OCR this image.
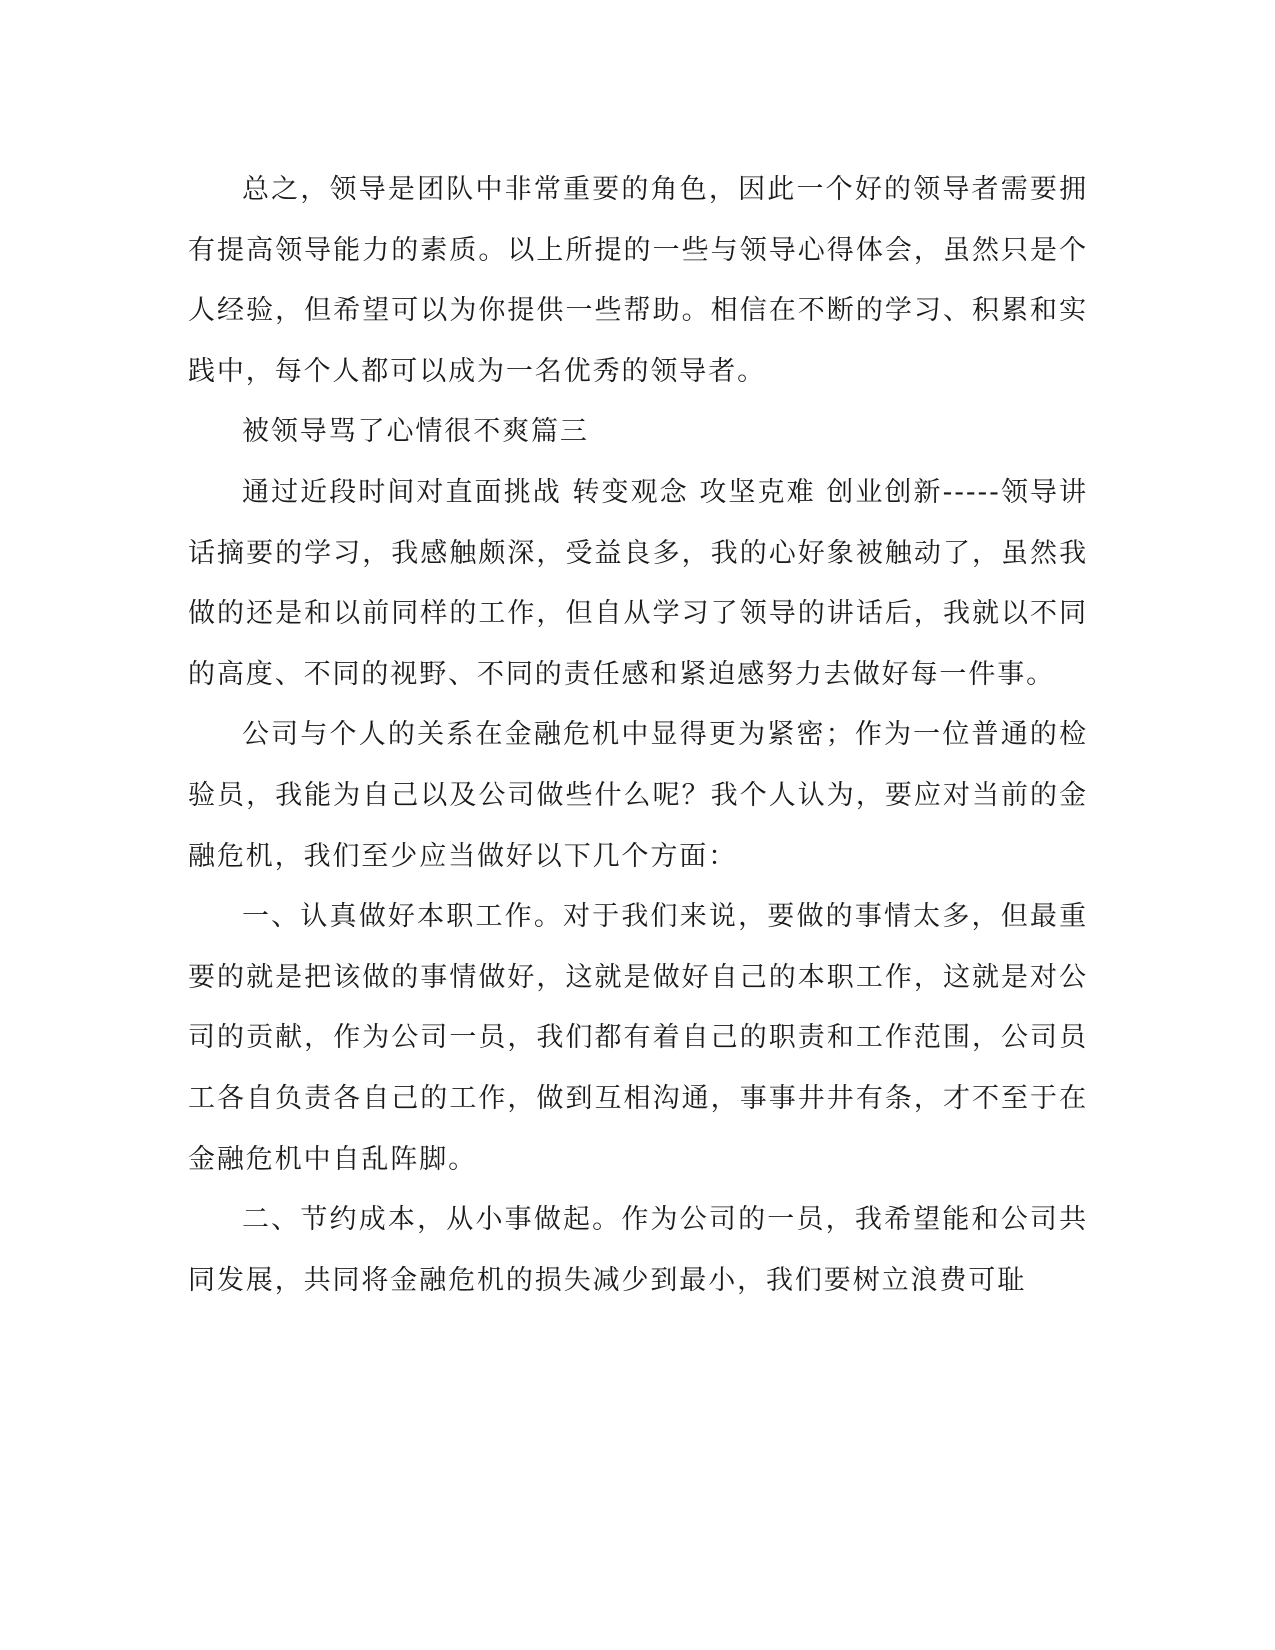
总之，领导是团队中非常重要的角色，因此一个好的领导者需要拥有提高领导能力的素质。以上所提的一些与领导心得体会，虽然只是个人经验，但希望可以为你提供一些帮助。相信在不断的学习、积累和实践中，每个人都可以成为一名优秀的领导者。

被领导骂了心情很不爽篇三

通过近段时间对直面挑战 转变观念 攻坚克难 创业创新-----领导讲话摘要的学习，我感触颇深，受益良多，我的心好象被触动了，虽然我做的还是和以前同样的工作，但自从学习了领导的讲话后，我就以不同的高度、不同的视野、不同的责任感和紧迫感努力去做好每一件事。

公司与个人的关系在金融危机中显得更为紧密；作为一位普通的检验员，我能为自己以及公司做些什么呢？我个人认为，要应对当前的金融危机，我们至少应当做好以下几个方面：

一、认真做好本职工作。对于我们来说，要做的事情太多，但最重要的就是把该做的事情做好，这就是做好自己的本职工作，这就是对公司的贡献，作为公司一员，我们都有着自己的职责和工作范围，公司员工各自负责各自己的工作，做到互相沟通，事事井井有条，才不至于在金融危机中自乱阵脚。

二、节约成本，从小事做起。作为公司的一员，我希望能和公司共同发展，共同将金融危机的损失减少到最小，我们要树立浪费可耻
